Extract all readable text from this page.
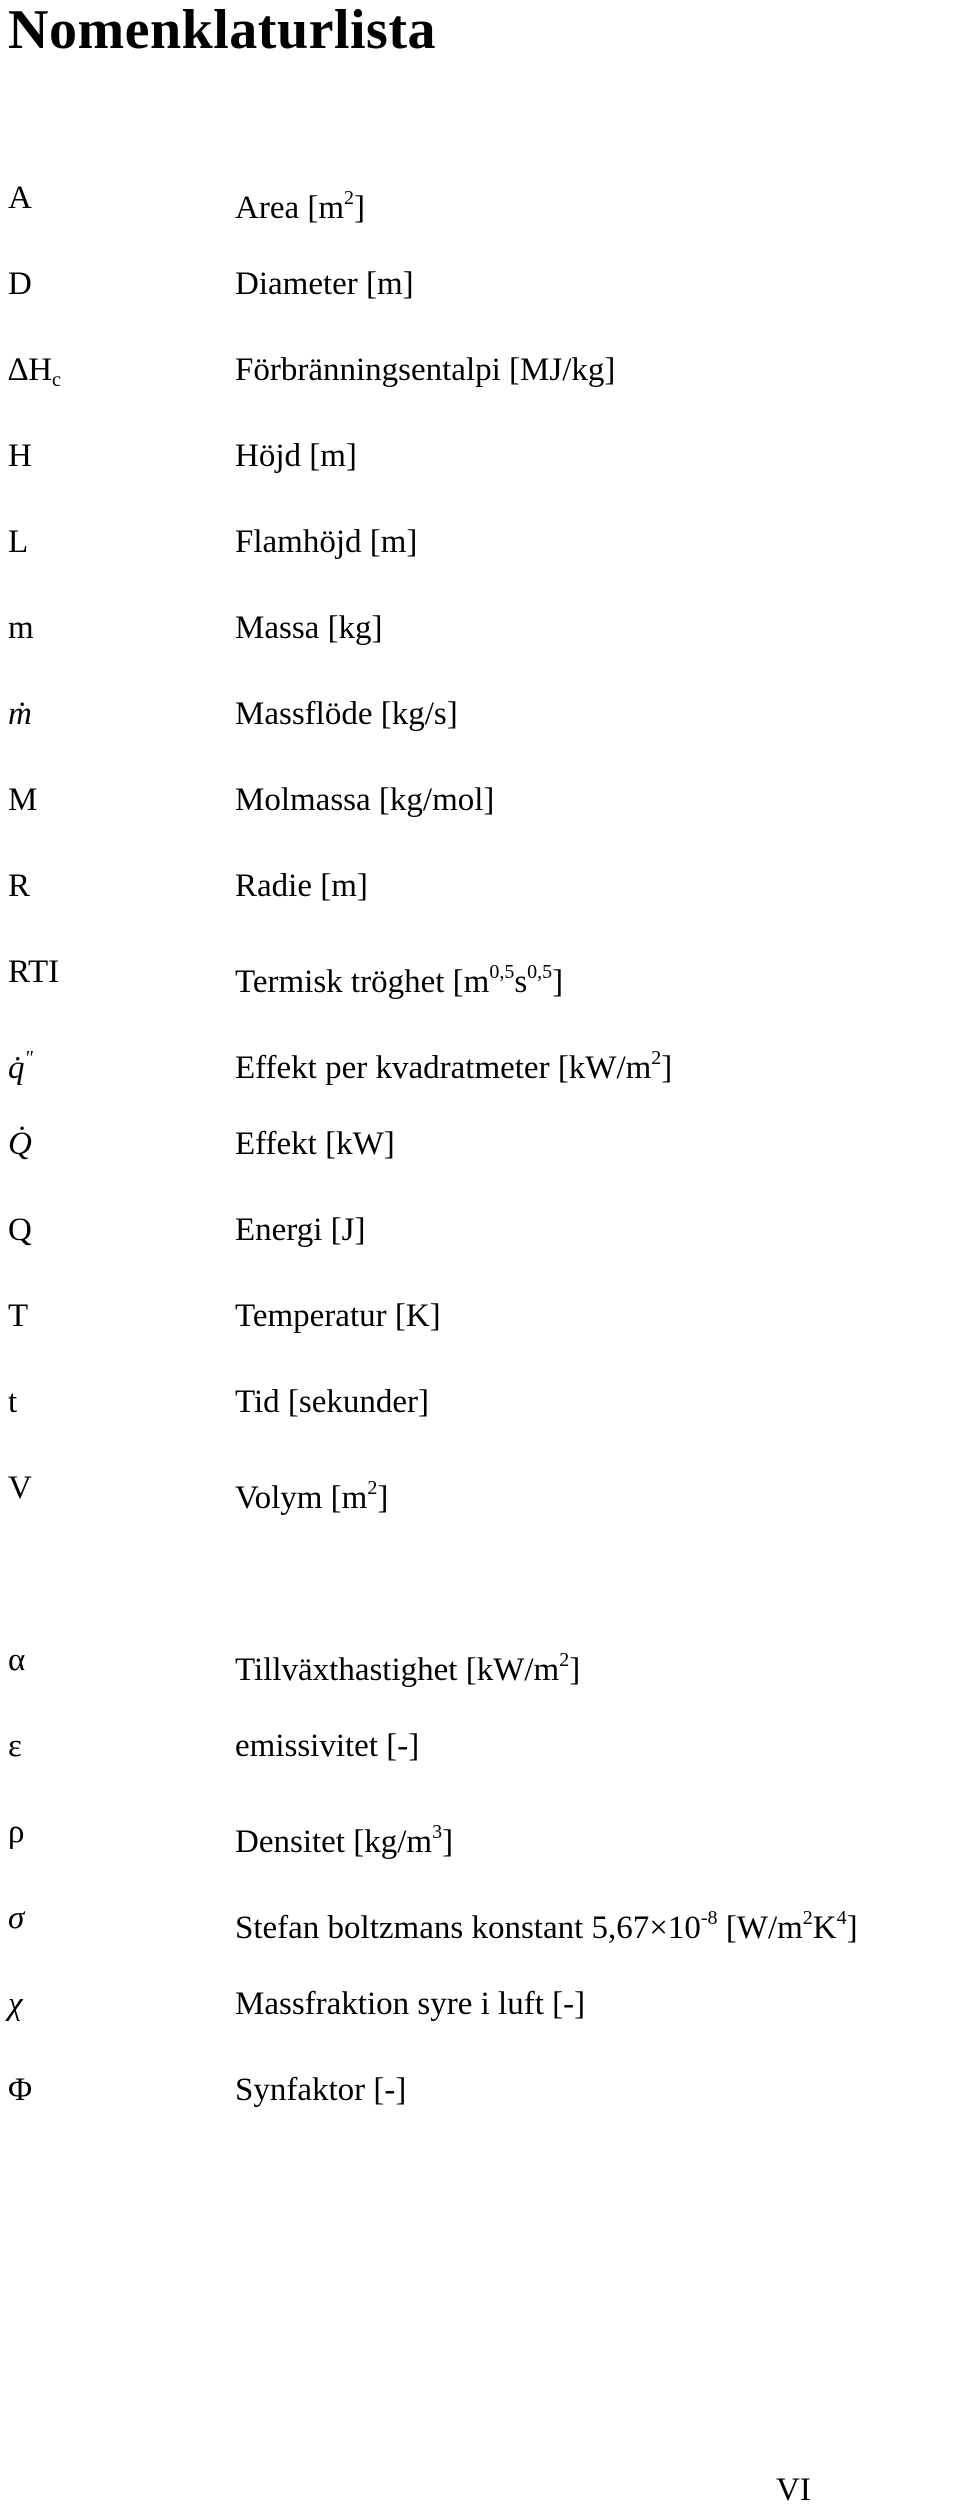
Nomenklaturlista
A	Area $[m^2]$
D	Diameter [m]
$\Delta H_c$	Förbränningsentalpi [MJ/kg]
H	Höjd [m]
L	Flamhöjd [m]
m	Massa [kg]
ṁ	Massflöde [kg/s]
M	Molmassa [kg/mol]
R	Radie [m]
RTI	Termisk tröghet $[m^{0,5}s^{0,5}]$
q̇"	Effekt per kvadratmeter $[kW/m^2]$
Q̇	Effekt [kW]
Q	Energi [J]
T	Temperatur [K]
t	Tid [sekunder]
V	Volym $[m^2]$
α	Tillväxthastighet $[kW/m^2]$
ε	emissivitet [-]
ρ	Densitet $[kg/m^3]$
σ	Stefan boltzmans konstant $5,67\times 10^{-8}$ $[W/m^2K^4]$
χ	Massfraktion syre i luft [-]
Φ	Synfaktor [-]
VI
